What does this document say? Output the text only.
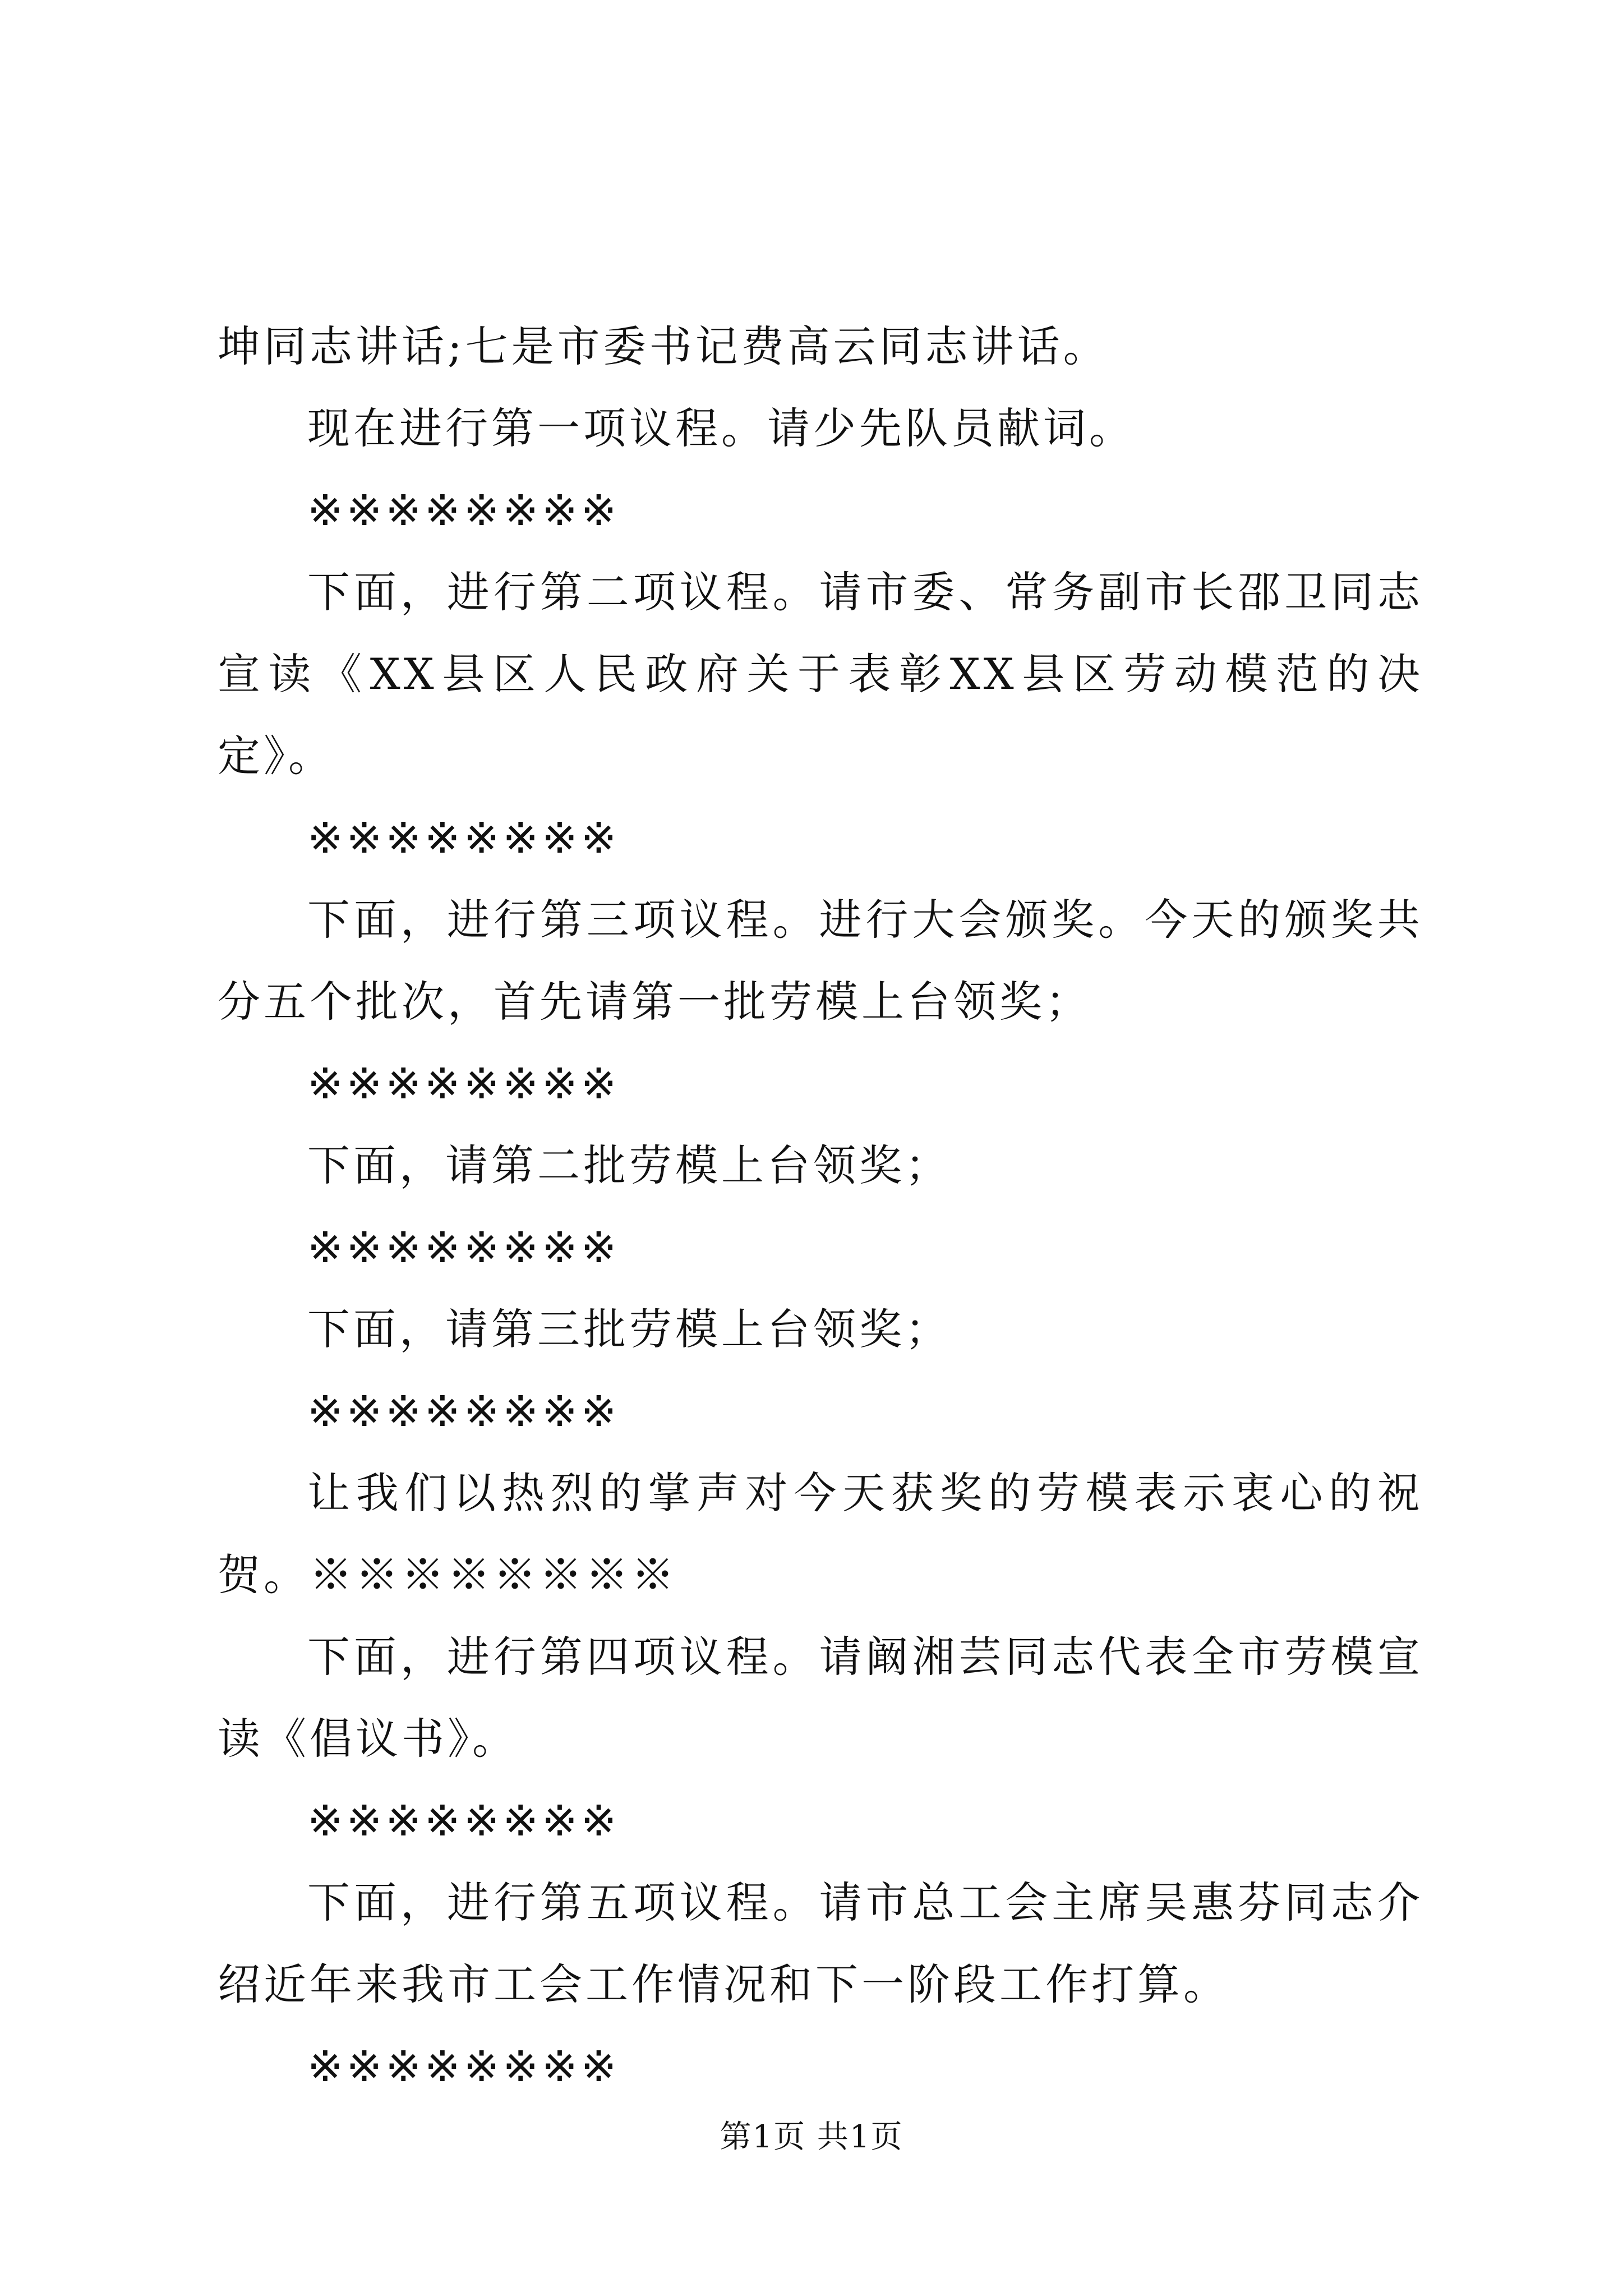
坤同志讲话;七是市委书记费高云同志讲话。

现在进行第一项议程。请少先队员献词。

※※※※※※※※

下面，进行第二项议程。请市委、常务副市长邵卫同志宣读《XX县区人民政府关于表彰XX县区劳动模范的决定》。

※※※※※※※※

下面，进行第三项议程。进行大会颁奖。今天的颁奖共分五个批次，首先请第一批劳模上台领奖；

※※※※※※※※

下面，请第二批劳模上台领奖；

※※※※※※※※

下面，请第三批劳模上台领奖；

※※※※※※※※

让我们以热烈的掌声对今天获奖的劳模表示衷心的祝贺。※※※※※※※※

下面，进行第四项议程。请阚湘芸同志代表全市劳模宣读《倡议书》。

※※※※※※※※

下面，进行第五项议程。请市总工会主席吴惠芬同志介绍近年来我市工会工作情况和下一阶段工作打算。

※※※※※※※※

第1页 共1页
